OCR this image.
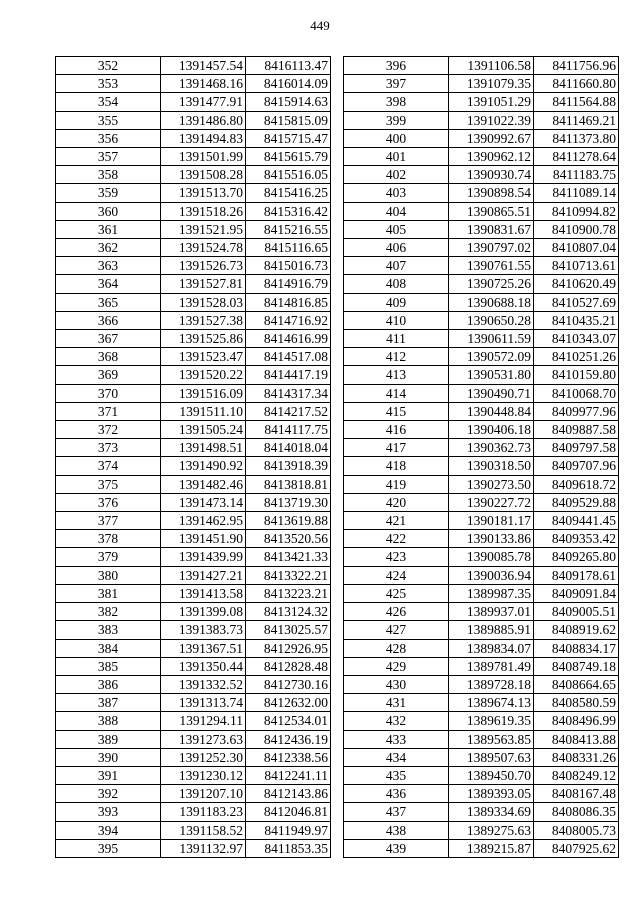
449
352	1391457.54	8416113.47
353	1391468.16	8416014.09
354	1391477.91	8415914.63
355	1391486.80	8415815.09
356	1391494.83	8415715.47
357	1391501.99	8415615.79
358	1391508.28	8415516.05
359	1391513.70	8415416.25
360	1391518.26	8415316.42
361	1391521.95	8415216.55
362	1391524.78	8415116.65
363	1391526.73	8415016.73
364	1391527.81	8414916.79
365	1391528.03	8414816.85
366	1391527.38	8414716.92
367	1391525.86	8414616.99
368	1391523.47	8414517.08
369	1391520.22	8414417.19
370	1391516.09	8414317.34
371	1391511.10	8414217.52
372	1391505.24	8414117.75
373	1391498.51	8414018.04
374	1391490.92	8413918.39
375	1391482.46	8413818.81
376	1391473.14	8413719.30
377	1391462.95	8413619.88
378	1391451.90	8413520.56
379	1391439.99	8413421.33
380	1391427.21	8413322.21
381	1391413.58	8413223.21
382	1391399.08	8413124.32
383	1391383.73	8413025.57
384	1391367.51	8412926.95
385	1391350.44	8412828.48
386	1391332.52	8412730.16
387	1391313.74	8412632.00
388	1391294.11	8412534.01
389	1391273.63	8412436.19
390	1391252.30	8412338.56
391	1391230.12	8412241.11
392	1391207.10	8412143.86
393	1391183.23	8412046.81
394	1391158.52	8411949.97
395	1391132.97	8411853.35
396	1391106.58	8411756.96
397	1391079.35	8411660.80
398	1391051.29	8411564.88
399	1391022.39	8411469.21
400	1390992.67	8411373.80
401	1390962.12	8411278.64
402	1390930.74	8411183.75
403	1390898.54	8411089.14
404	1390865.51	8410994.82
405	1390831.67	8410900.78
406	1390797.02	8410807.04
407	1390761.55	8410713.61
408	1390725.26	8410620.49
409	1390688.18	8410527.69
410	1390650.28	8410435.21
411	1390611.59	8410343.07
412	1390572.09	8410251.26
413	1390531.80	8410159.80
414	1390490.71	8410068.70
415	1390448.84	8409977.96
416	1390406.18	8409887.58
417	1390362.73	8409797.58
418	1390318.50	8409707.96
419	1390273.50	8409618.72
420	1390227.72	8409529.88
421	1390181.17	8409441.45
422	1390133.86	8409353.42
423	1390085.78	8409265.80
424	1390036.94	8409178.61
425	1389987.35	8409091.84
426	1389937.01	8409005.51
427	1389885.91	8408919.62
428	1389834.07	8408834.17
429	1389781.49	8408749.18
430	1389728.18	8408664.65
431	1389674.13	8408580.59
432	1389619.35	8408496.99
433	1389563.85	8408413.88
434	1389507.63	8408331.26
435	1389450.70	8408249.12
436	1389393.05	8408167.48
437	1389334.69	8408086.35
438	1389275.63	8408005.73
439	1389215.87	8407925.62
